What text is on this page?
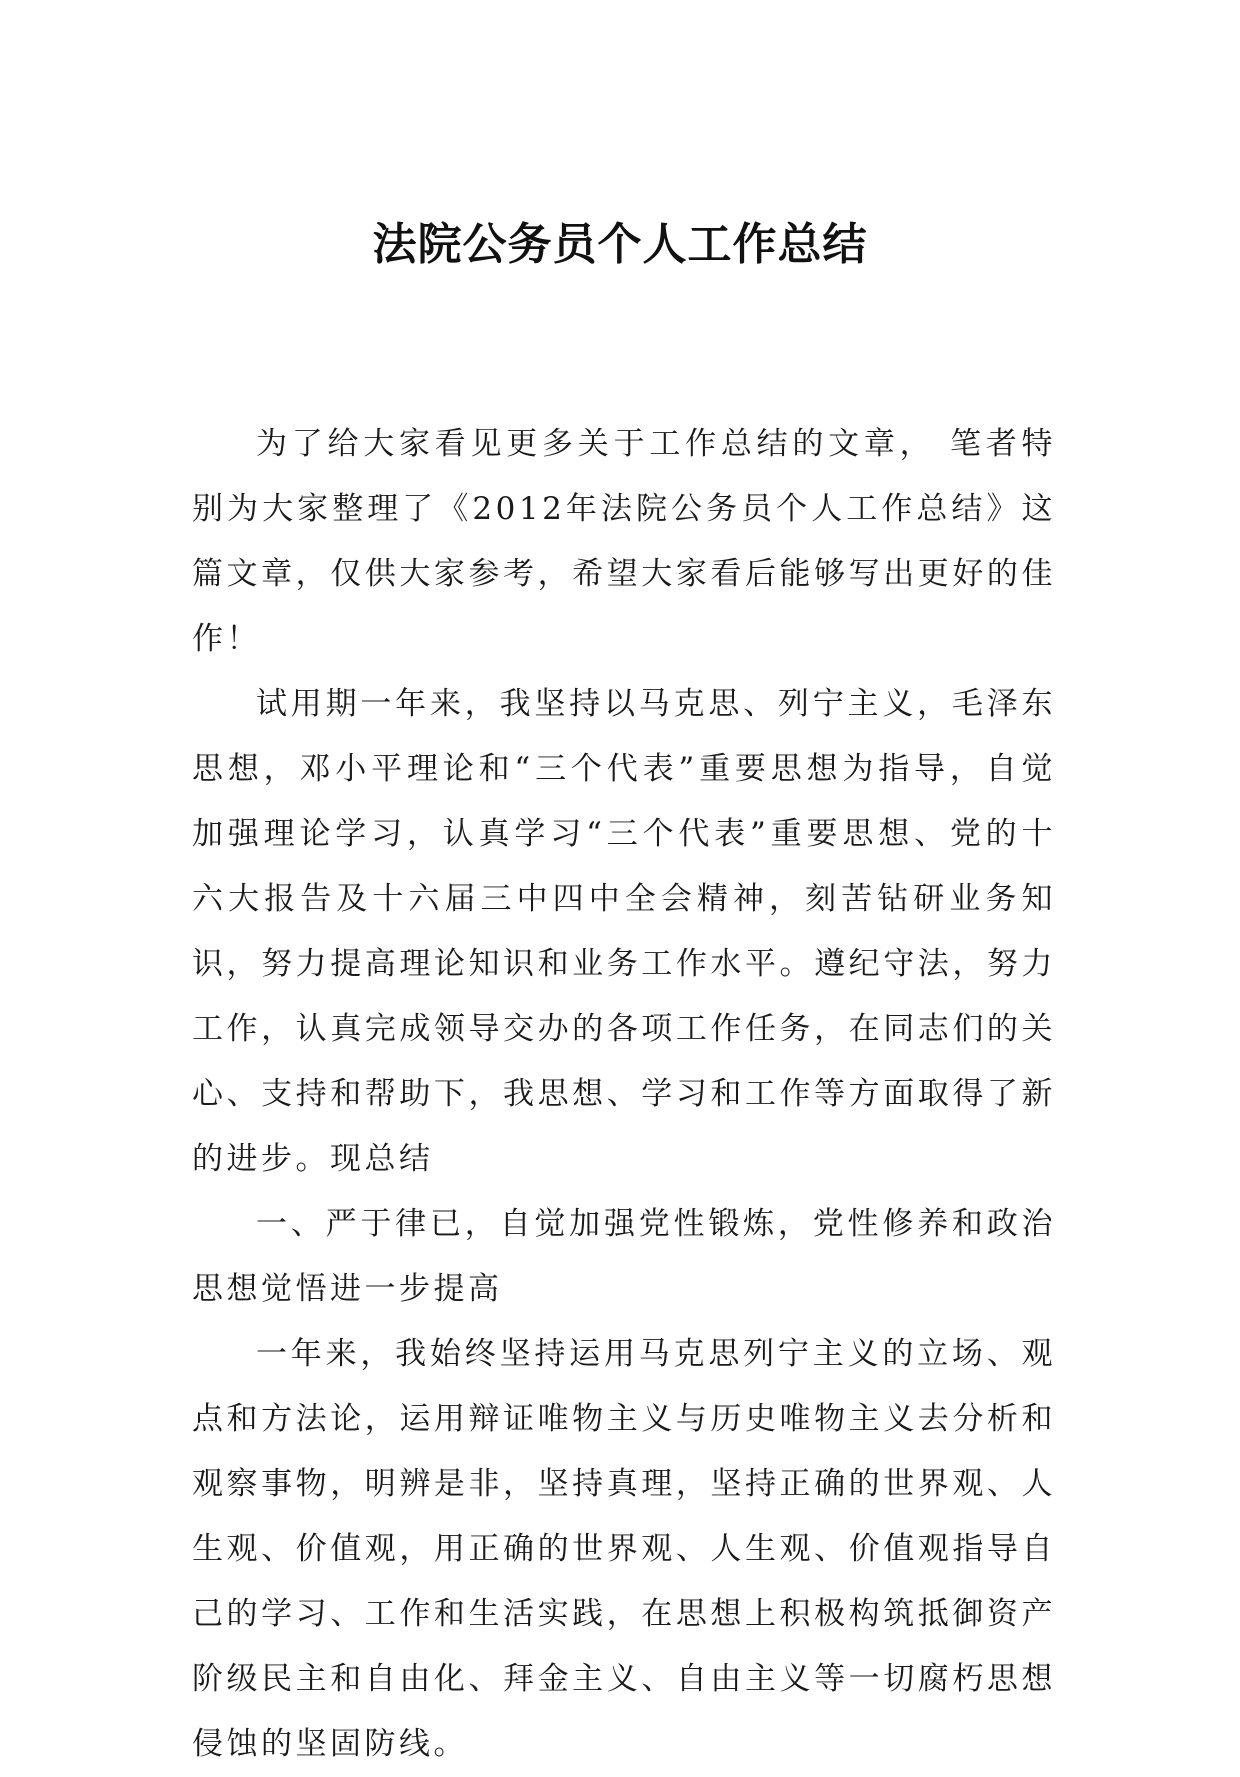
法院公务员个人工作总结

为了给大家看见更多关于工作总结的文章， 笔者特别为大家整理了《2012年法院公务员个人工作总结》这篇文章，仅供大家参考，希望大家看后能够写出更好的佳作！

试用期一年来，我坚持以马克思、列宁主义，毛泽东思想，邓小平理论和“三个代表”重要思想为指导，自觉加强理论学习，认真学习“三个代表”重要思想、党的十六大报告及十六届三中四中全会精神，刻苦钻研业务知识，努力提高理论知识和业务工作水平。遵纪守法，努力工作，认真完成领导交办的各项工作任务，在同志们的关心、支持和帮助下，我思想、学习和工作等方面取得了新的进步。现总结

一、严于律已，自觉加强党性锻炼，党性修养和政治思想觉悟进一步提高

一年来，我始终坚持运用马克思列宁主义的立场、观点和方法论，运用辩证唯物主义与历史唯物主义去分析和观察事物，明辨是非，坚持真理，坚持正确的世界观、人生观、价值观，用正确的世界观、人生观、价值观指导自己的学习、工作和生活实践，在思想上积极构筑抵御资产阶级民主和自由化、拜金主义、自由主义等一切腐朽思想侵蚀的坚固防线。
